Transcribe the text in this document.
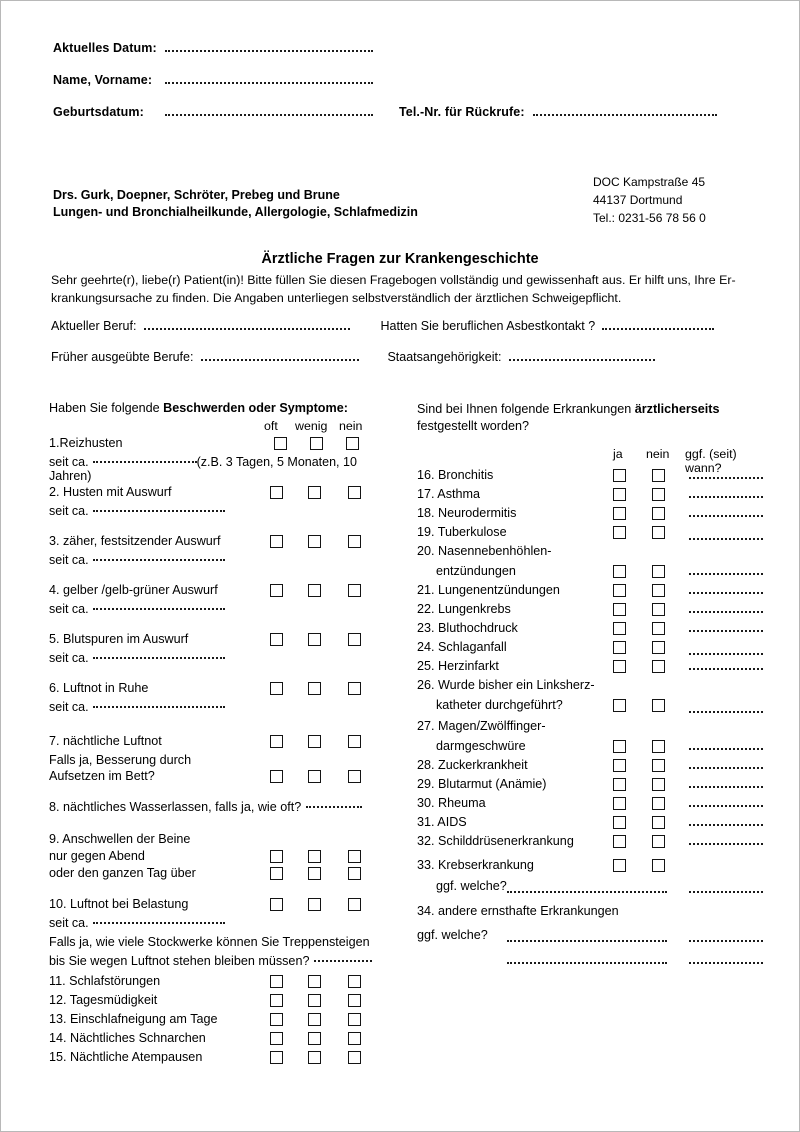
Aktuelles Datum:
Name, Vorname:
Geburtsdatum:	Tel.-Nr. für Rückrufe:
Drs. Gurk, Doepner, Schröter, Prebeg und Brune
Lungen- und Bronchialheilkunde, Allergologie, Schlafmedizin
DOC Kampstraße 45
44137 Dortmund
Tel.: 0231-56 78 56 0
Ärztliche Fragen zur Krankengeschichte
Sehr geehrte(r), liebe(r) Patient(in)! Bitte füllen Sie diesen Fragebogen vollständig und gewissenhaft aus. Er hilft uns, Ihre Er-
krankungsursache zu finden. Die Angaben unterliegen selbstverständlich der ärztlichen Schweigepflicht.
Aktueller Beruf:	Hatten Sie beruflichen Asbestkontakt ?
Früher ausgeübte Berufe:	Staatsangehörigkeit:
Haben Sie folgende Beschwerden oder Symptome:
oft wenig nein
1.Reizhusten
seit ca.	(z.B. 3 Tagen, 5 Monaten, 10 Jahren)
2. Husten mit Auswurf
seit ca.
3. zäher, festsitzender Auswurf
seit ca.
4. gelber /gelb-grüner Auswurf
seit ca.
5. Blutspuren im Auswurf
seit ca.
6. Luftnot in Ruhe
seit ca.
7. nächtliche Luftnot
Falls ja, Besserung durch
Aufsetzen im Bett?
8. nächtliches Wasserlassen, falls ja, wie oft?
9. Anschwellen der Beine
nur gegen Abend
oder den ganzen Tag über
10. Luftnot bei Belastung
seit ca.
Falls ja, wie viele Stockwerke können Sie Treppensteigen
bis Sie wegen Luftnot stehen bleiben müssen?
11. Schlafstörungen
12. Tagesmüdigkeit
13. Einschlafneigung am Tage
14. Nächtliches Schnarchen
15. Nächtliche Atempausen
Sind bei Ihnen folgende Erkrankungen ärztlicherseits
festgestellt worden?
ja nein ggf. (seit) wann?
16. Bronchitis
17. Asthma
18. Neurodermitis
19. Tuberkulose
20. Nasennebenhöhlen-
entzündungen
21. Lungenentzündungen
22. Lungenkrebs
23. Bluthochdruck
24. Schlaganfall
25. Herzinfarkt
26. Wurde bisher ein Linksherz-
katheter durchgeführt?
27. Magen/Zwölffinger-
darmgeschwüre
28. Zuckerkrankheit
29. Blutarmut (Anämie)
30. Rheuma
31. AIDS
32. Schilddrüsenerkrankung
33. Krebserkrankung
ggf. welche?
34. andere ernsthafte Erkrankungen
ggf. welche?
